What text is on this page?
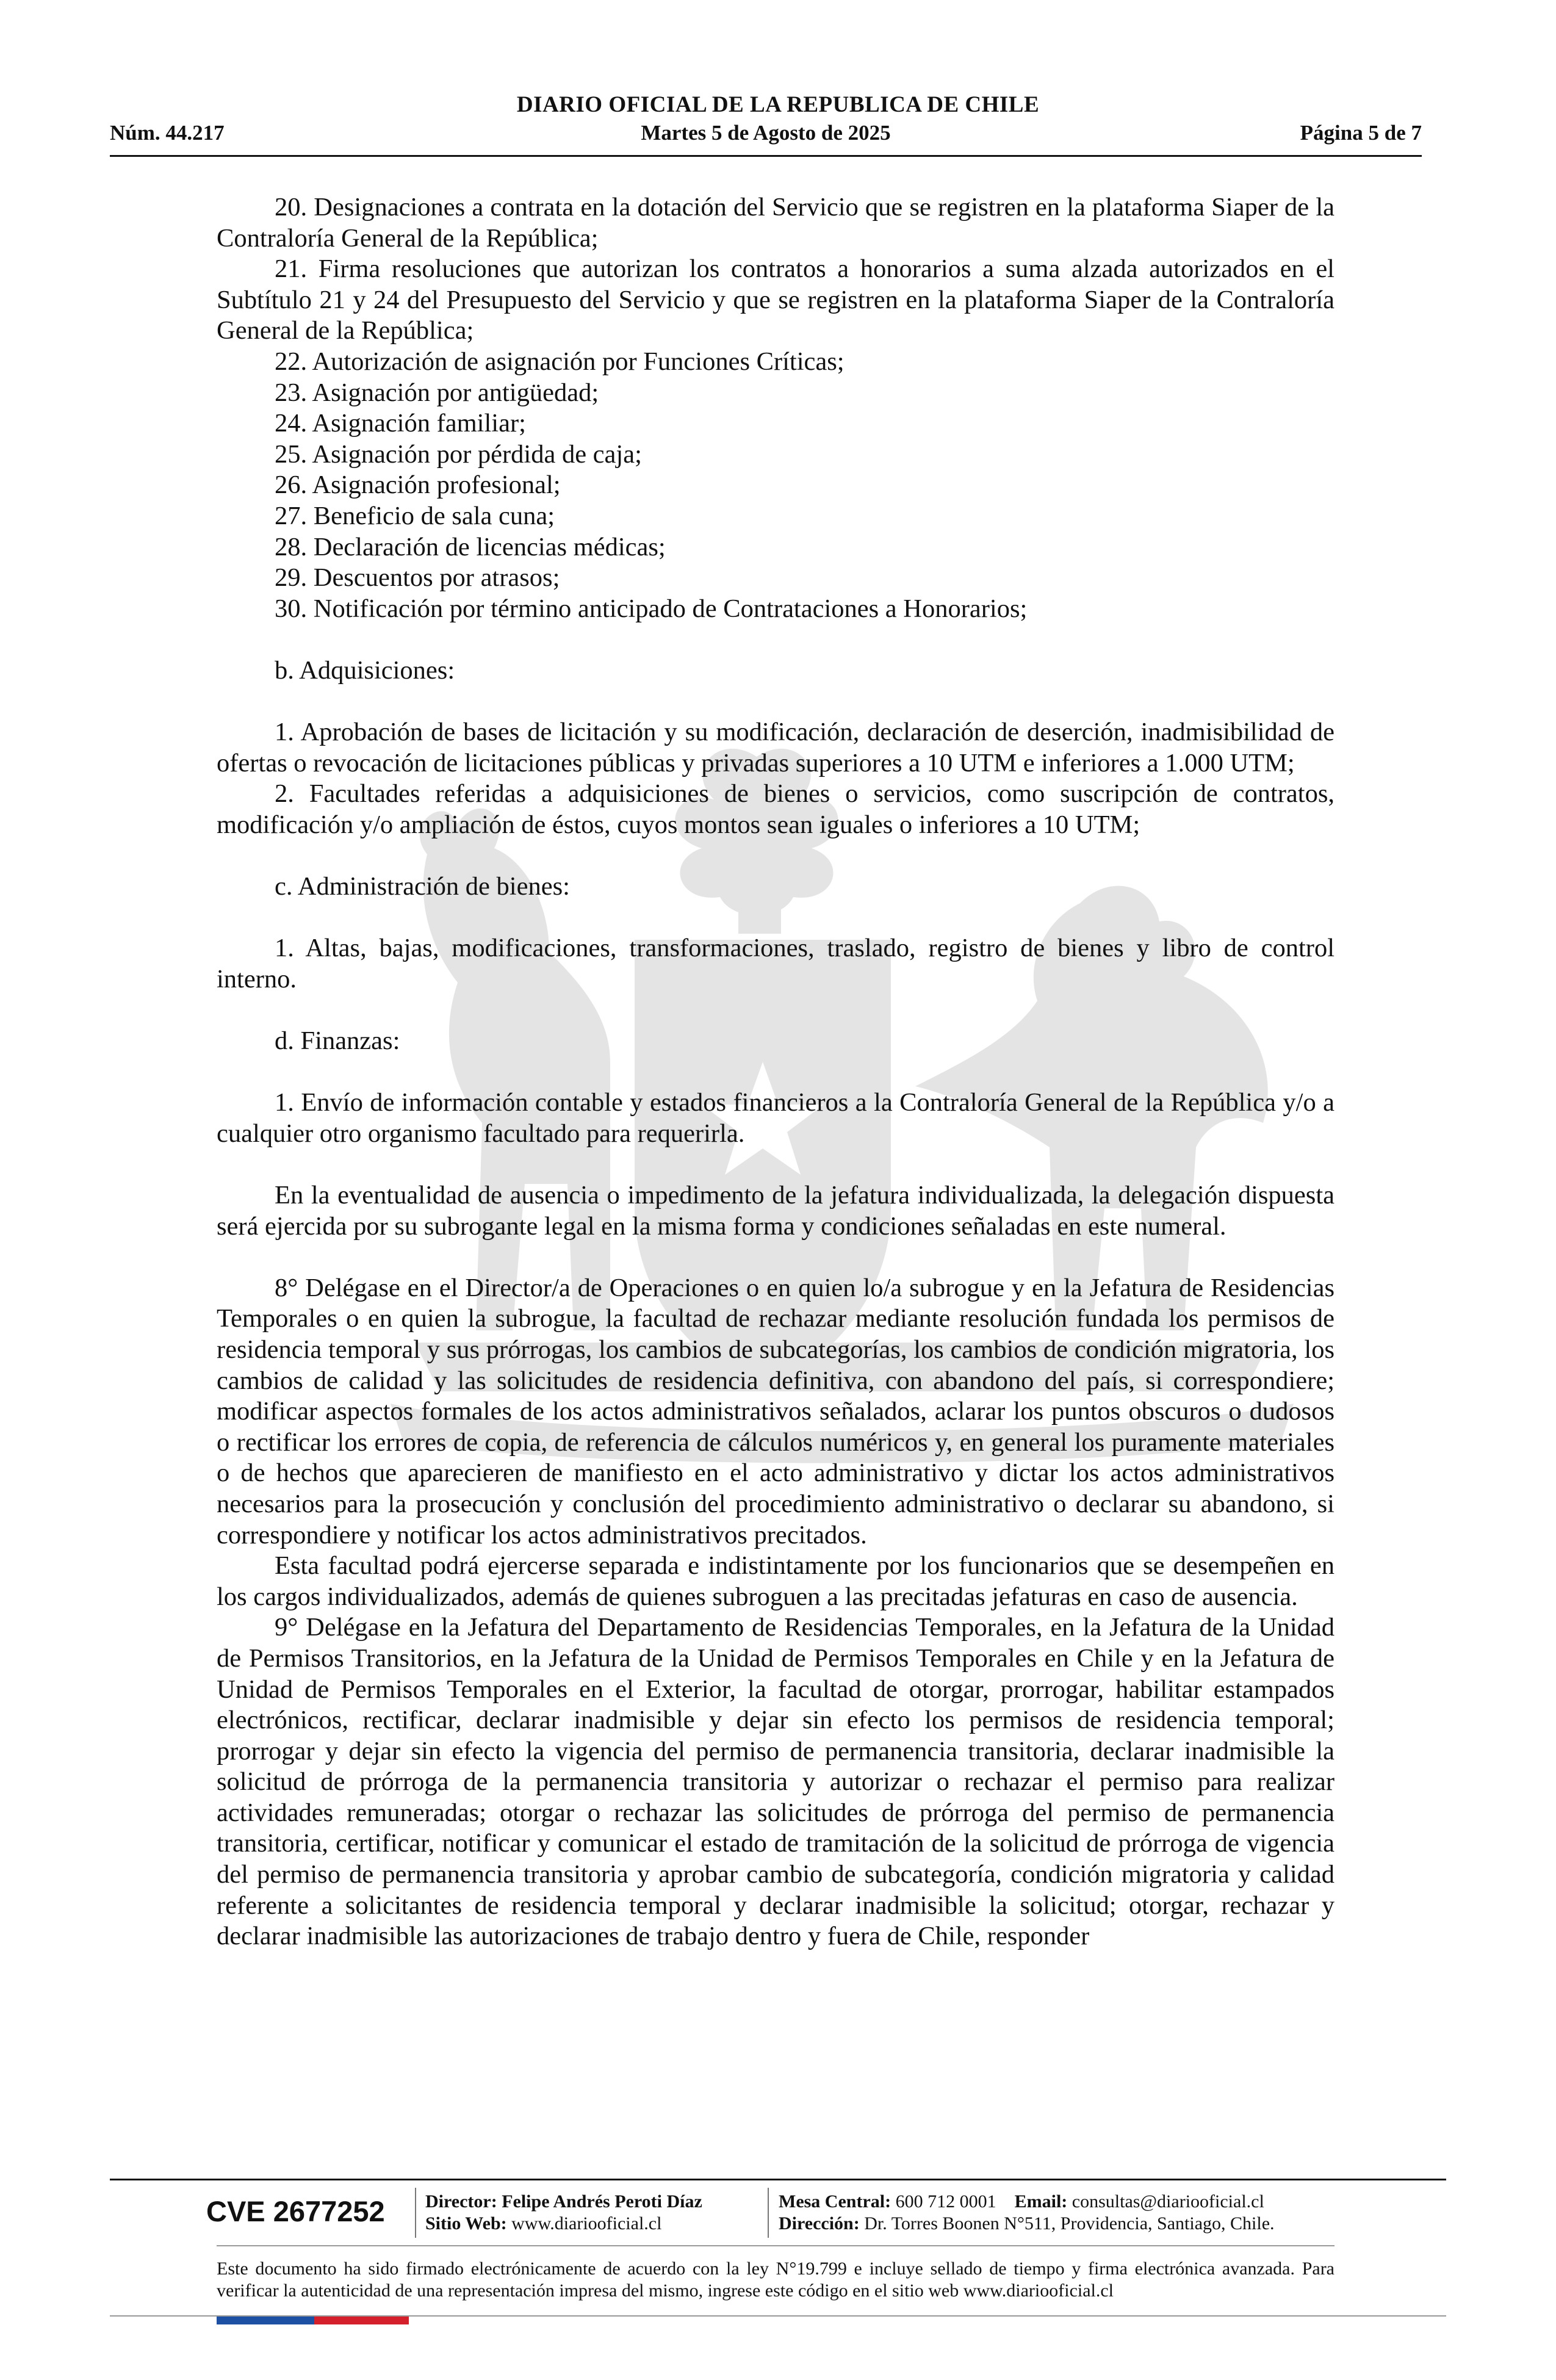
DIARIO OFICIAL DE LA REPUBLICA DE CHILE
Martes 5 de Agosto de 2025
Núm. 44.217	Página 5 de 7

20. Designaciones a contrata en la dotación del Servicio que se registren en la plataforma Siaper de la Contraloría General de la República;

21. Firma resoluciones que autorizan los contratos a honorarios a suma alzada autorizados en el Subtítulo 21 y 24 del Presupuesto del Servicio y que se registren en la plataforma Siaper de la Contraloría General de la República;

22. Autorización de asignación por Funciones Críticas;

23. Asignación por antigüedad;

24. Asignación familiar;

25. Asignación por pérdida de caja;

26. Asignación profesional;

27. Beneficio de sala cuna;

28. Declaración de licencias médicas;

29. Descuentos por atrasos;

30. Notificación por término anticipado de Contrataciones a Honorarios;

b. Adquisiciones:

1. Aprobación de bases de licitación y su modificación, declaración de deserción, inadmisibilidad de ofertas o revocación de licitaciones públicas y privadas superiores a 10 UTM e inferiores a 1.000 UTM;

2. Facultades referidas a adquisiciones de bienes o servicios, como suscripción de contratos, modificación y/o ampliación de éstos, cuyos montos sean iguales o inferiores a 10 UTM;

c. Administración de bienes:

1. Altas, bajas, modificaciones, transformaciones, traslado, registro de bienes y libro de control interno.

d. Finanzas:

1. Envío de información contable y estados financieros a la Contraloría General de la República y/o a cualquier otro organismo facultado para requerirla.

En la eventualidad de ausencia o impedimento de la jefatura individualizada, la delegación dispuesta será ejercida por su subrogante legal en la misma forma y condiciones señaladas en este numeral.

8° Delégase en el Director/a de Operaciones o en quien lo/a subrogue y en la Jefatura de Residencias Temporales o en quien la subrogue, la facultad de rechazar mediante resolución fundada los permisos de residencia temporal y sus prórrogas, los cambios de subcategorías, los cambios de condición migratoria, los cambios de calidad y las solicitudes de residencia definitiva, con abandono del país, si correspondiere; modificar aspectos formales de los actos administrativos señalados, aclarar los puntos obscuros o dudosos o rectificar los errores de copia, de referencia de cálculos numéricos y, en general los puramente materiales o de hechos que aparecieren de manifiesto en el acto administrativo y dictar los actos administrativos necesarios para la prosecución y conclusión del procedimiento administrativo o declarar su abandono, si correspondiere y notificar los actos administrativos precitados.

Esta facultad podrá ejercerse separada e indistintamente por los funcionarios que se desempeñen en los cargos individualizados, además de quienes subroguen a las precitadas jefaturas en caso de ausencia.

9° Delégase en la Jefatura del Departamento de Residencias Temporales, en la Jefatura de la Unidad de Permisos Transitorios, en la Jefatura de la Unidad de Permisos Temporales en Chile y en la Jefatura de Unidad de Permisos Temporales en el Exterior, la facultad de otorgar, prorrogar, habilitar estampados electrónicos, rectificar, declarar inadmisible y dejar sin efecto los permisos de residencia temporal; prorrogar y dejar sin efecto la vigencia del permiso de permanencia transitoria, declarar inadmisible la solicitud de prórroga de la permanencia transitoria y autorizar o rechazar el permiso para realizar actividades remuneradas; otorgar o rechazar las solicitudes de prórroga del permiso de permanencia transitoria, certificar, notificar y comunicar el estado de tramitación de la solicitud de prórroga de vigencia del permiso de permanencia transitoria y aprobar cambio de subcategoría, condición migratoria y calidad referente a solicitantes de residencia temporal y declarar inadmisible la solicitud; otorgar, rechazar y declarar inadmisible las autorizaciones de trabajo dentro y fuera de Chile, responder

CVE 2677252	Director: Felipe Andrés Peroti Díaz
Sitio Web: www.diariooficial.cl
Mesa Central: 600 712 0001 Email: consultas@diariooficial.cl
Dirección: Dr. Torres Boonen N°511, Providencia, Santiago, Chile.
Este documento ha sido firmado electrónicamente de acuerdo con la ley N°19.799 e incluye sellado de tiempo y firma electrónica avanzada. Para verificar la autenticidad de una representación impresa del mismo, ingrese este código en el sitio web www.diariooficial.cl
